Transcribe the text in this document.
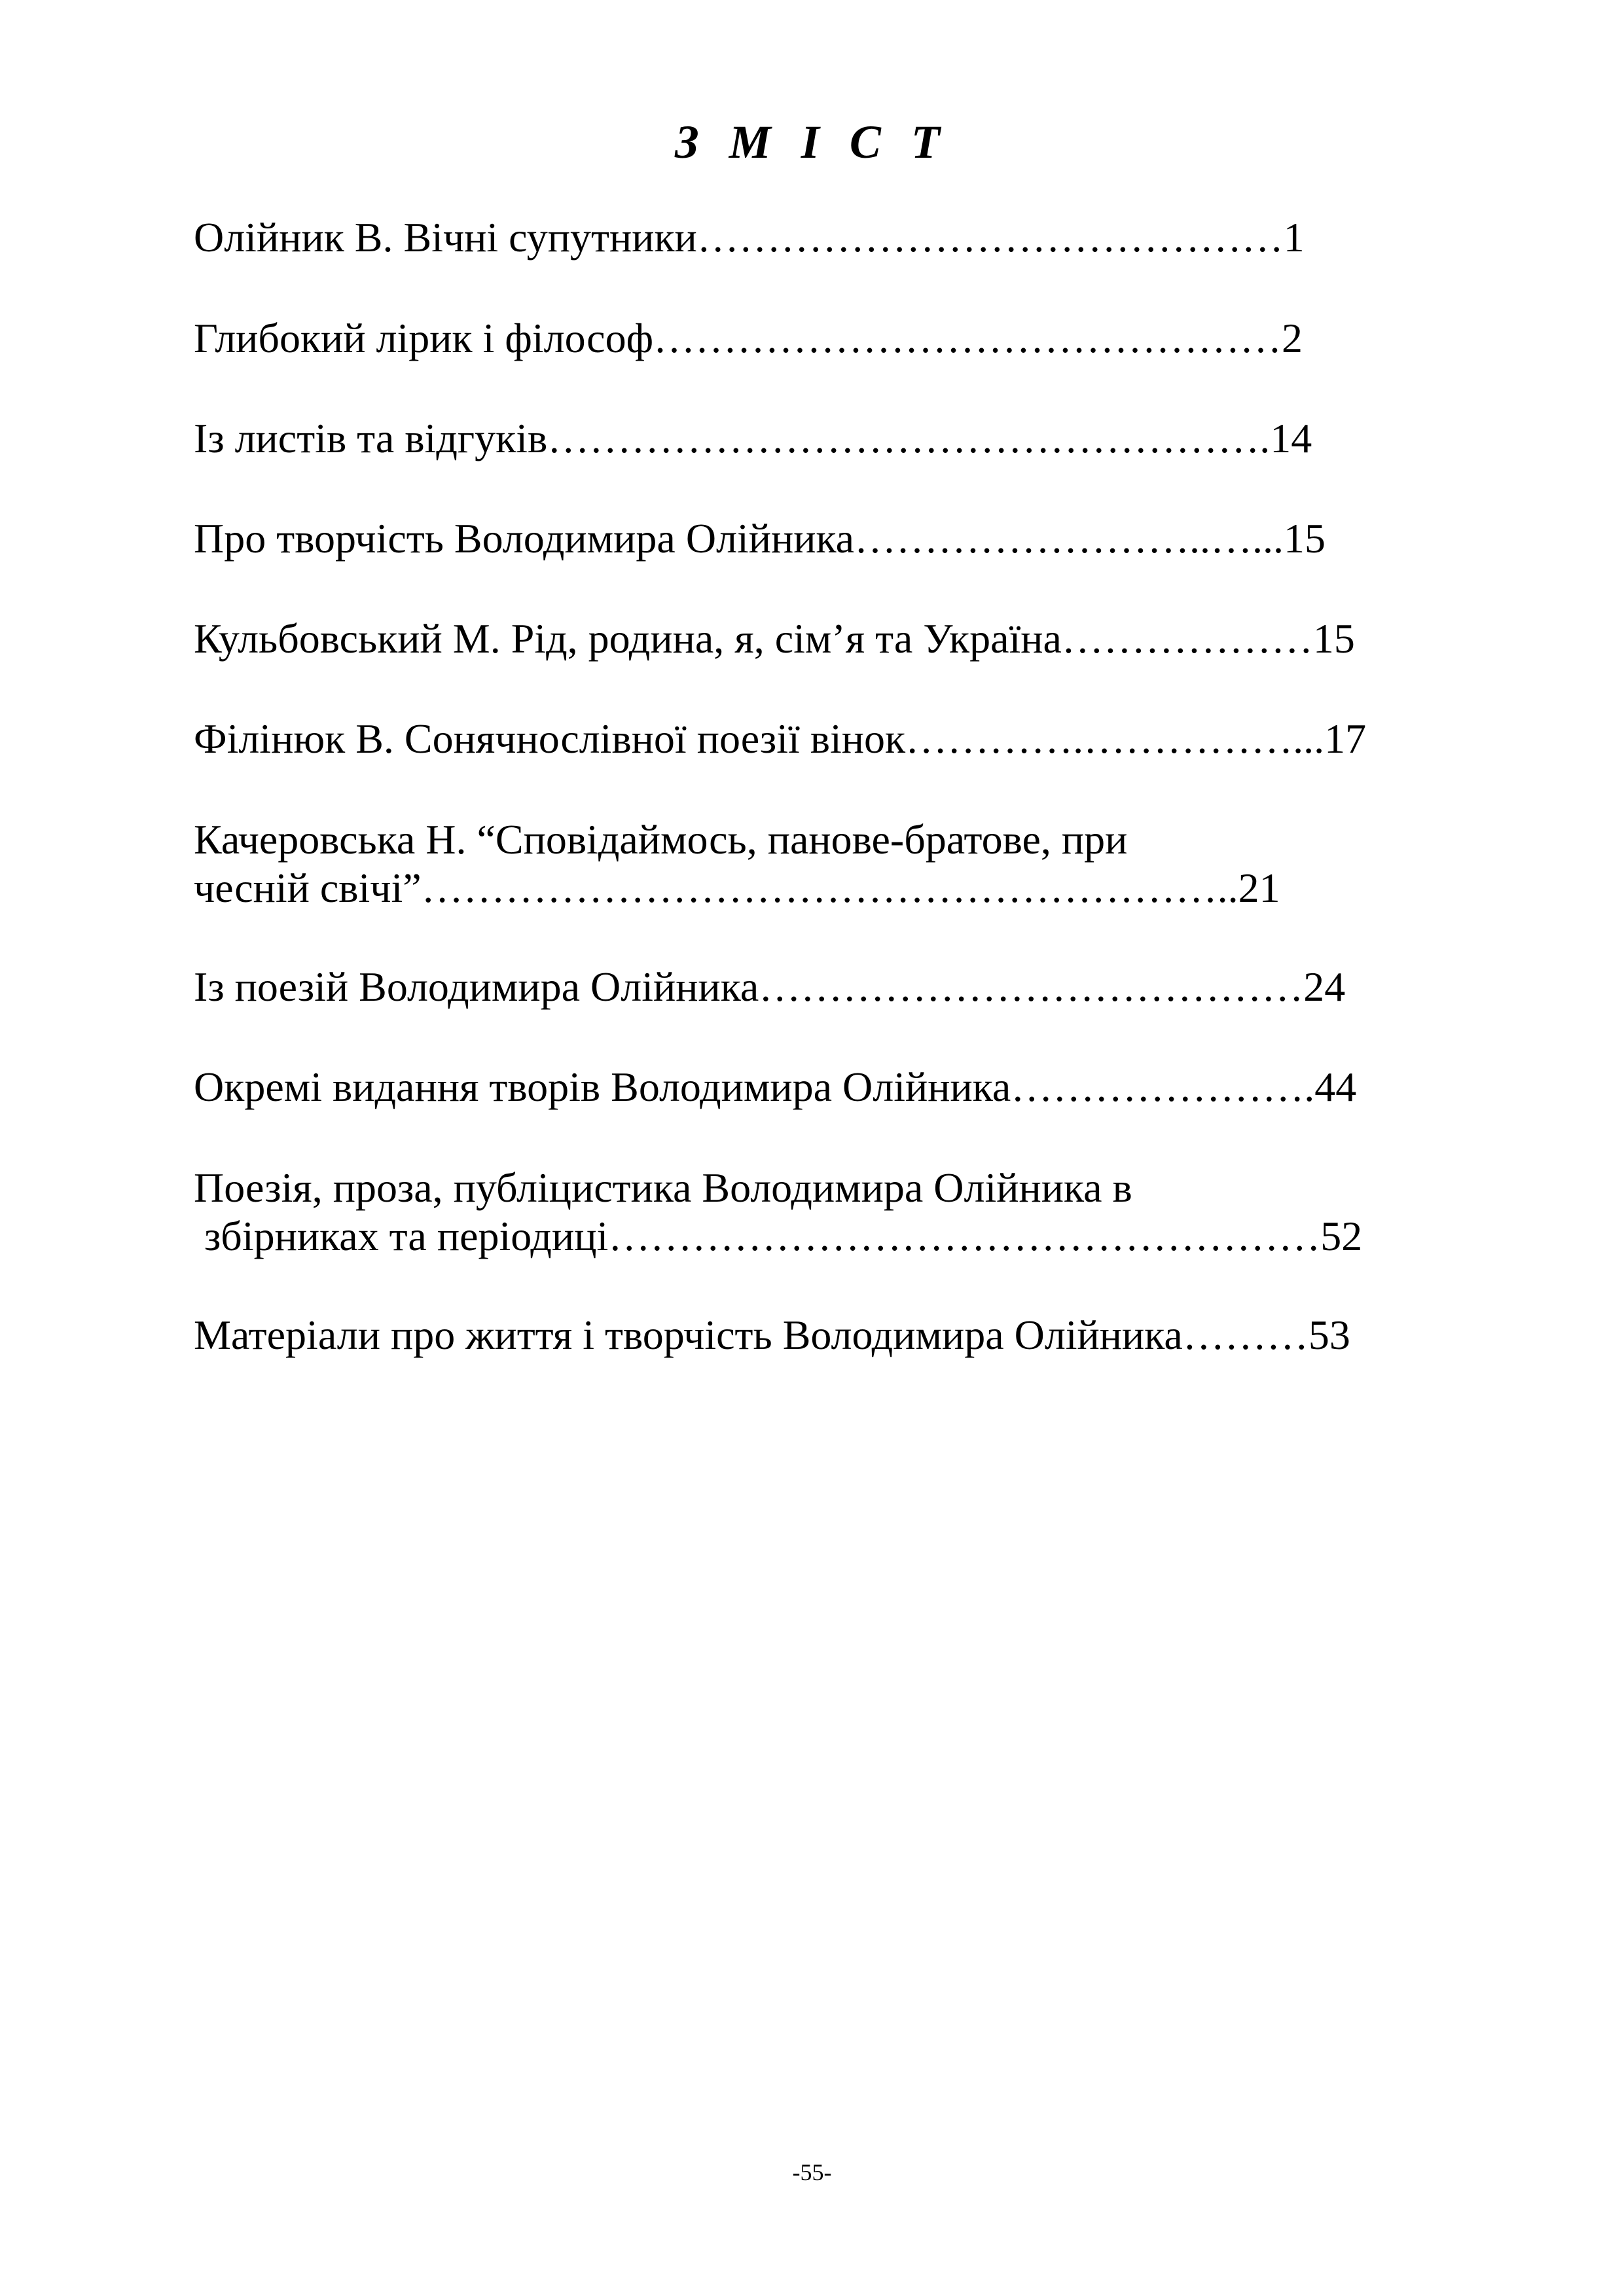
З М І С Т
Олійник В. Вічні супутники……………………………………1
Глибокий лірик і філософ………………………………………2
Із листів та відгуків…………………………………………….14
Про творчість Володимира Олійника……………………..…...15
Кульбовський М. Рід, родина, я, сім’я та Україна………………15
Філінюк В. Сонячнослівної поезії вінок………….……………...17
Качеровська Н. “Сповідаймось, панове-братове, при
чесній свічі”…………………………………………………..21
Із поезій Володимира Олійника…………………………………24
Окремі видання творів Володимира Олійника………………….44
Поезія, проза, публіцистика Володимира Олійника в
збірниках та періодиці……………………………………………52
Матеріали про життя і творчість Володимира Олійника………53
-55-
